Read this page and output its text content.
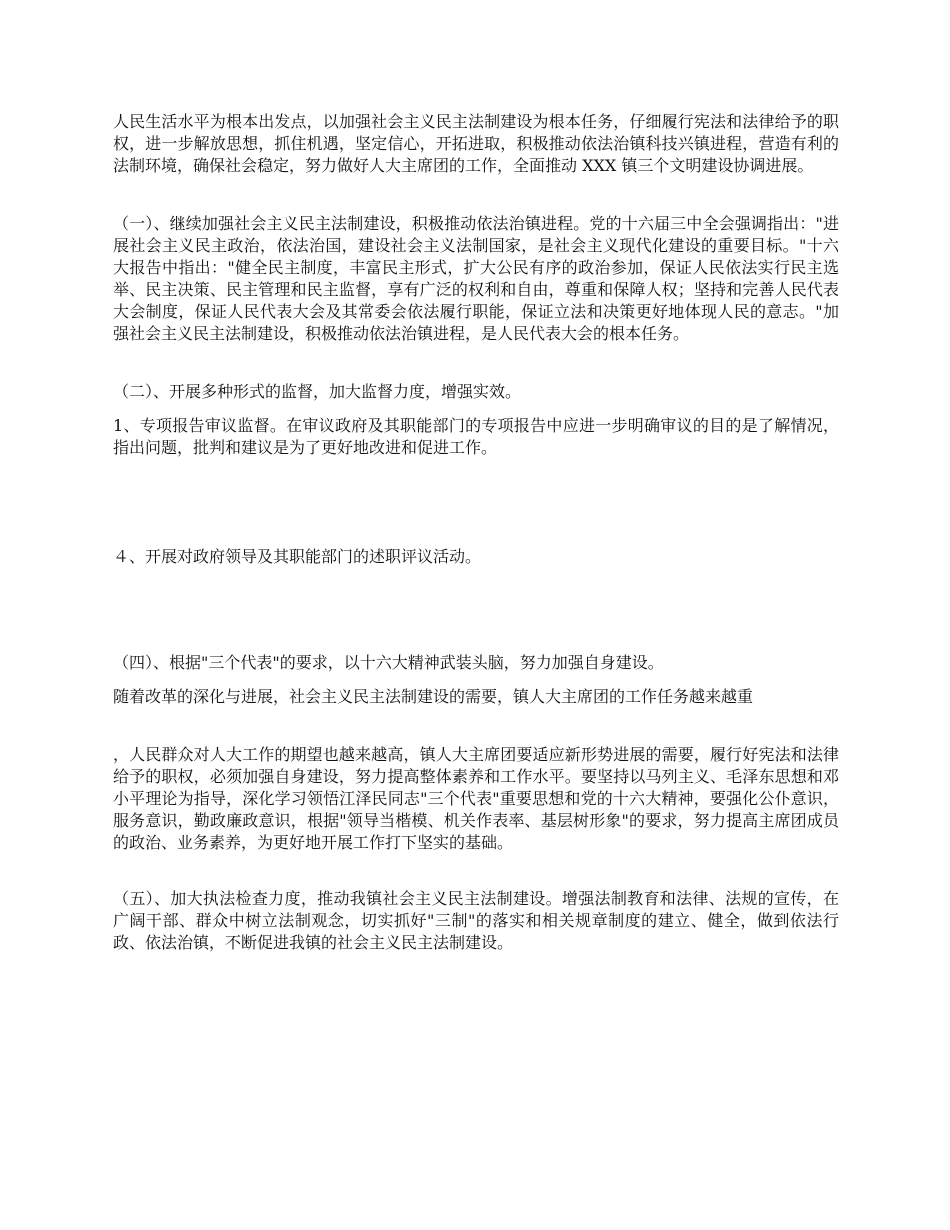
人民生活水平为根本出发点，以加强社会主义民主法制建设为根本任务，仔细履行宪法和法律给予的职权，进一步解放思想，抓住机遇，坚定信心，开拓进取，积极推动依法治镇科技兴镇进程，营造有利的法制环境，确保社会稳定，努力做好人大主席团的工作，全面推动 XXX 镇三个文明建设协调进展。

（一）、继续加强社会主义民主法制建设，积极推动依法治镇进程。党的十六届三中全会强调指出："进展社会主义民主政治，依法治国，建设社会主义法制国家，是社会主义现代化建设的重要目标。"十六大报告中指出："健全民主制度，丰富民主形式，扩大公民有序的政治参加，保证人民依法实行民主选举、民主决策、民主管理和民主监督，享有广泛的权利和自由，尊重和保障人权；坚持和完善人民代表大会制度，保证人民代表大会及其常委会依法履行职能，保证立法和决策更好地体现人民的意志。"加强社会主义民主法制建设，积极推动依法治镇进程，是人民代表大会的根本任务。

（二）、开展多种形式的监督，加大监督力度，增强实效。

1、专项报告审议监督。在审议政府及其职能部门的专项报告中应进一步明确审议的目的是了解情况，指出问题，批判和建议是为了更好地改进和促进工作。

４、开展对政府领导及其职能部门的述职评议活动。

（四）、根据"三个代表"的要求，以十六大精神武装头脑，努力加强自身建设。

随着改革的深化与进展，社会主义民主法制建设的需要，镇人大主席团的工作任务越来越重

，人民群众对人大工作的期望也越来越高，镇人大主席团要适应新形势进展的需要，履行好宪法和法律给予的职权，必须加强自身建设，努力提高整体素养和工作水平。要坚持以马列主义、毛泽东思想和邓小平理论为指导，深化学习领悟江泽民同志"三个代表"重要思想和党的十六大精神，要强化公仆意识，服务意识，勤政廉政意识，根据"领导当楷模、机关作表率、基层树形象"的要求，努力提高主席团成员的政治、业务素养，为更好地开展工作打下坚实的基础。

（五）、加大执法检查力度，推动我镇社会主义民主法制建设。增强法制教育和法律、法规的宣传，在广阔干部、群众中树立法制观念，切实抓好"三制"的落实和相关规章制度的建立、健全，做到依法行政、依法治镇，不断促进我镇的社会主义民主法制建设。
